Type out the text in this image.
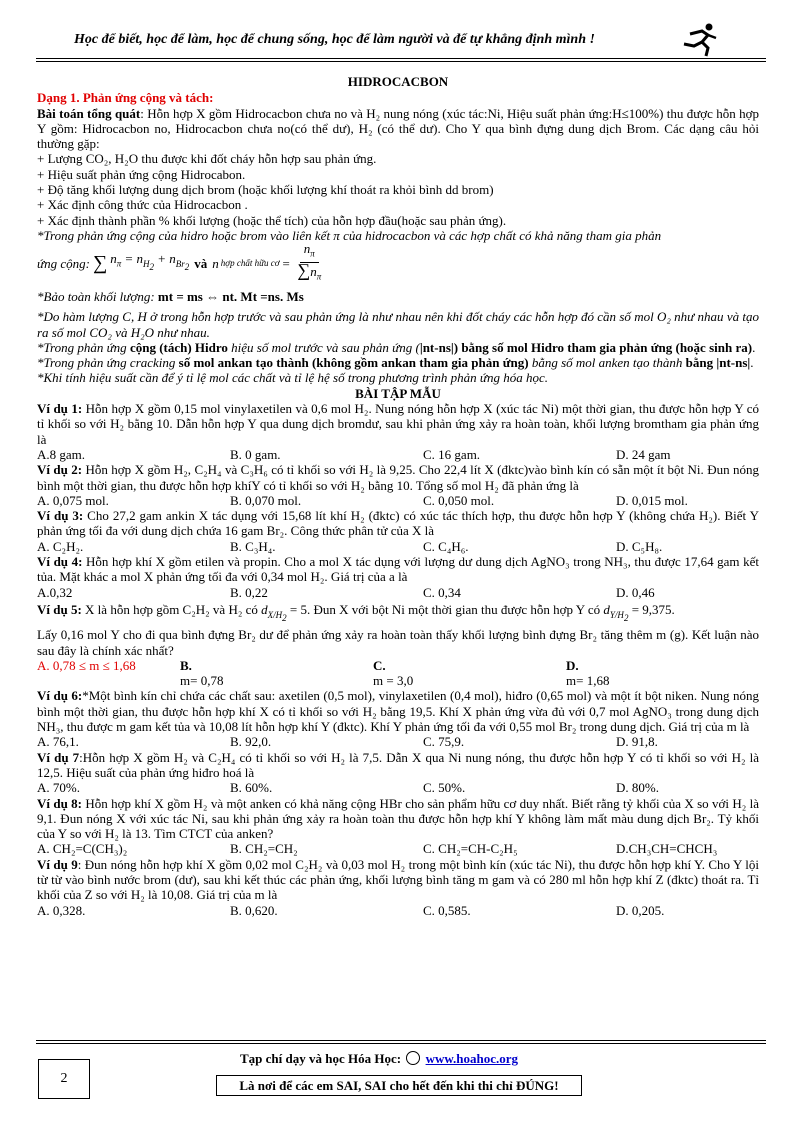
Học để biết, học để làm, học để chung sống, học để làm người và để tự khẳng định mình !
HIDROCACBON

Dạng 1. Phản ứng cộng và tách:

Bài toán tổng quát: Hỗn hợp X gồm Hidrocacbon chưa no và H₂ nung nóng (xúc tác:Ni, Hiệu suất phản ứng:H≤100%) thu được hỗn hợp Y gồm: Hidrocacbon no, Hidrocacbon chưa no(có thể dư), H₂ (có thể dư). Cho Y qua bình đựng dung dịch Brom. Các dạng câu hỏi thường gặp:

+ Lượng CO₂, H₂O thu được khi đốt cháy hỗn hợp sau phản ứng.

+ Hiệu suất phản ứng cộng Hidrocabon.

+ Độ tăng khối lượng dung dịch brom (hoặc khối lượng khí thoát ra khỏi bình dd brom)

+ Xác định công thức của Hidrocacbon .

+ Xác định thành phần % khối lượng (hoặc thể tích) của hỗn hợp đầu(hoặc sau phản ứng).

*Trong phản ứng cộng của hidro hoặc brom vào liên kết π của hidrocacbon và các hợp chất có khả năng tham gia phản

ứng cộng: ∑ $n_\pi = n_{H_2} + n_{Br_2}$ và n hợp chất hữu cơ = $\frac{n_\pi}{\sum n_\pi}$
*Bảo toàn khối lượng:
mt = ms ⇔ nt. Mt =ns. Ms

*Do hàm lượng C, H ở trong hỗn hợp trước và sau phản ứng là như nhau nên khi đốt cháy các hỗn hợp đó cần số mol O₂ như nhau và tạo ra số mol CO₂ và H₂O như nhau.

*Trong phản ứng cộng (tách) Hidro hiệu số mol trước và sau phản ứng (|nt-ns|) bằng số mol Hidro tham gia phản ứng (hoặc sinh ra).

*Trong phản ứng cracking số mol ankan tạo thành (không gồm ankan tham gia phản ứng) bằng số mol anken tạo thành bằng |nt-ns|.

*Khi tính hiệu suất cần để ý tỉ lệ mol các chất và tỉ lệ hệ số trong phương trình phản ứng hóa học.

BÀI TẬP MẪU

Ví dụ 1: Hỗn hợp X gồm 0,15 mol vinylaxetilen và 0,6 mol H₂. Nung nóng hỗn hợp X (xúc tác Ni) một thời gian, thu được hỗn hợp Y có tỉ khối so với H₂ bằng 10. Dẫn hỗn hợp Y qua dung dịch bromdư, sau khi phản ứng xảy ra hoàn toàn, khối lượng bromtham gia phản ứng là

A.8 gam.	B. 0 gam.	C. 16 gam.	D. 24 gam

Ví dụ 2: Hỗn hợp X gồm H₂, C₂H₄ và C₃H₆ có tỉ khối so với H₂ là 9,25. Cho 22,4 lít X (đktc)vào bình kín có sẵn một ít bột Ni. Đun nóng bình một thời gian, thu được hỗn hợp khíY có tỉ khối so với H₂ bằng 10. Tổng số mol H₂ đã phản ứng là

A. 0,075 mol.	B. 0,070 mol.	C. 0,050 mol.	D. 0,015 mol.

Ví dụ 3: Cho 27,2 gam ankin X tác dụng với 15,68 lít khí H₂ (đktc) có xúc tác thích hợp, thu được hỗn hợp Y (không chứa H₂). Biết Y phản ứng tối đa với dung dịch chứa 16 gam Br₂. Công thức phân tử của X là

A. C₂H₂.	B. C₃H₄.	C. C₄H₆.	D. C₅H₈.

Ví dụ 4: Hỗn hợp khí X gồm etilen và propin. Cho a mol X tác dụng với lượng dư dung dịch AgNO₃ trong NH₃, thu được 17,64 gam kết tủa. Mặt khác a mol X phản ứng tối đa với 0,34 mol H₂. Giá trị của a là

A.0,32	B. 0,22	C. 0,34	D. 0,46

Ví dụ 5: X là hỗn hợp gồm C₂H₂ và H₂ có $d_{X/H_2} = 5$. Đun X với bột Ni một thời gian thu được hỗn hợp Y có $d_{Y/H_2} = 9,375$.

Lấy 0,16 mol Y cho đi qua bình đựng Br₂ dư để phản ứng xảy ra hoàn toàn thấy khối lượng bình đựng Br₂ tăng thêm m (g). Kết luận nào sau đây là chính xác nhất?

A. 0,78 ≤ m ≤ 1,68	B.m= 0,78
C.m = 3,0
D.m= 1,68

Ví dụ 6:*Một bình kín chỉ chứa các chất sau: axetilen (0,5 mol), vinylaxetilen (0,4 mol), hiđro (0,65 mol) và một ít bột niken. Nung nóng bình một thời gian, thu được hỗn hợp khí X có tỉ khối so với H₂ bằng 19,5. Khí X phản ứng vừa đủ với 0,7 mol AgNO₃ trong dung dịch NH₃, thu được m gam kết tủa và 10,08 lít hỗn hợp khí Y (đktc). Khí Y phản ứng tối đa với 0,55 mol Br₂ trong dung dịch. Giá trị của m là

A. 76,1.	B. 92,0.	C. 75,9.	D. 91,8.

Ví dụ 7:Hỗn hợp X gồm H₂ và C₂H₄ có tỉ khối so với H₂ là 7,5. Dẫn X qua Ni nung nóng, thu được hỗn hợp Y có tỉ khối so với H₂ là 12,5. Hiệu suất của phản ứng hiđro hoá là

A. 70%.	B. 60%.	C. 50%.	D. 80%.

Ví dụ 8: Hỗn hợp khí X gồm H₂ và một anken có khả năng cộng HBr cho sản phẩm hữu cơ duy nhất. Biết rằng tỷ khối của X so với H₂ là 9,1. Đun nóng X với xúc tác Ni, sau khi phản ứng xảy ra hoàn toàn thu được hỗn hợp khí Y không làm mất màu dung dịch Br₂. Tỷ khối của Y so với H₂ là 13. Tìm CTCT của anken?

A. CH₂=C(CH₃)₂	B. CH₂=CH₂	C. CH₂=CH-C₂H₅	D.CH₃CH=CHCH₃

Ví dụ 9: Đun nóng hỗn hợp khí X gồm 0,02 mol C₂H₂ và 0,03 mol H₂ trong một bình kín (xúc tác Ni), thu được hỗn hợp khí Y. Cho Y lội từ từ vào bình nước brom (dư), sau khi kết thúc các phản ứng, khối lượng bình tăng m gam và có 280 ml hỗn hợp khí Z (đktc) thoát ra. Tỉ khối của Z so với H₂ là 10,08. Giá trị của m là

A. 0,328.	B. 0,620.	C. 0,585.	D. 0,205.
2
Tạp chí dạy và học Hóa Học: www.hoahoc.org
Là nơi để các em SAI, SAI cho hết đến khi thi chỉ ĐÚNG!
